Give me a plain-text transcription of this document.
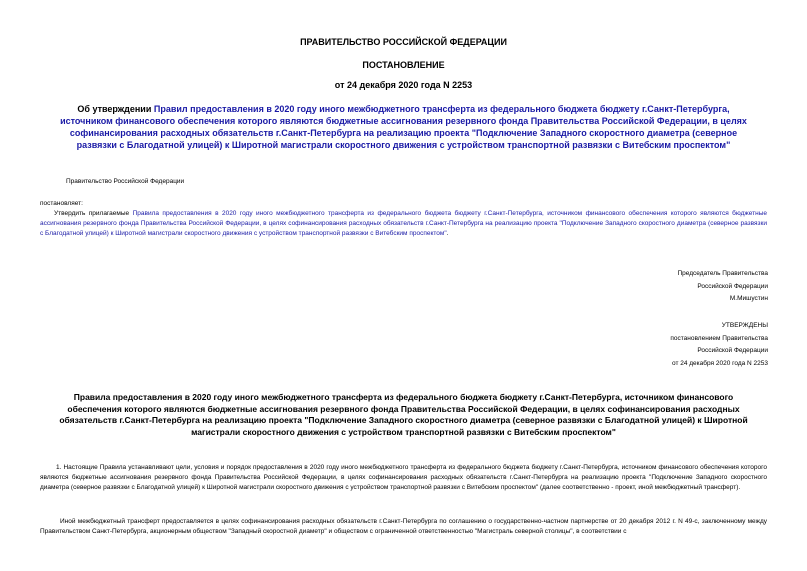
ПРАВИТЕЛЬСТВО РОССИЙСКОЙ ФЕДЕРАЦИИ
ПОСТАНОВЛЕНИЕ
от 24 декабря 2020 года N 2253
Об утверждении Правил предоставления в 2020 году иного межбюджетного трансферта из федерального бюджета бюджету г.Санкт-Петербурга, источником финансового обеспечения которого являются бюджетные ассигнования резервного фонда Правительства Российской Федерации, в целях софинансирования расходных обязательств г.Санкт-Петербурга на реализацию проекта "Подключение Западного скоростного диаметра (северное развязки с Благодатной улицей) к Широтной магистрали скоростного движения с устройством транспортной развязки с Витебским проспектом"
Правительство Российской Федерации
постановляет:
Утвердить прилагаемые Правила предоставления в 2020 году иного межбюджетного трансферта из федерального бюджета бюджету г.Санкт-Петербурга, источником финансового обеспечения которого являются бюджетные ассигнования резервного фонда Правительства Российской Федерации, в целях софинансирования расходных обязательств г.Санкт-Петербурга на реализацию проекта "Подключение Западного скоростного диаметра (северное развязки с Благодатной улицей) к Широтной магистрали скоростного движения с устройством транспортной развязки с Витебским проспектом".
Председатель Правительства
Российской Федерации
М.Мишустин
УТВЕРЖДЕНЫ
постановлением Правительства
Российской Федерации
от 24 декабря 2020 года N 2253
Правила предоставления в 2020 году иного межбюджетного трансферта из федерального бюджета бюджету г.Санкт-Петербурга, источником финансового обеспечения которого являются бюджетные ассигнования резервного фонда Правительства Российской Федерации, в целях софинансирования расходных обязательств г.Санкт-Петербурга на реализацию проекта "Подключение Западного скоростного диаметра (северное развязки с Благодатной улицей) к Широтной магистрали скоростного движения с устройством транспортной развязки с Витебским проспектом"
1. Настоящие Правила устанавливают цели, условия и порядок предоставления в 2020 году иного межбюджетного трансферта из федерального бюджета бюджету г.Санкт-Петербурга, источником финансового обеспечения которого являются бюджетные ассигнования резервного фонда Правительства Российской Федерации, в целях софинансирования расходных обязательств г.Санкт-Петербурга на реализацию проекта "Подключение Западного скоростного диаметра (северное развязки с Благодатной улицей) к Широтной магистрали скоростного движения с устройством транспортной развязки с Витебским проспектом" (далее соответственно - проект, иной межбюджетный трансферт).
Иной межбюджетный трансферт предоставляется в целях софинансирования расходных обязательств г.Санкт-Петербурга по соглашению о государственно-частном партнерстве от 20 декабря 2012 г. N 49-с, заключенному между Правительством Санкт-Петербурга, акционерным обществом "Западный скоростной диаметр" и обществом с ограниченной ответственностью "Магистраль северной столицы", в соответствии с
